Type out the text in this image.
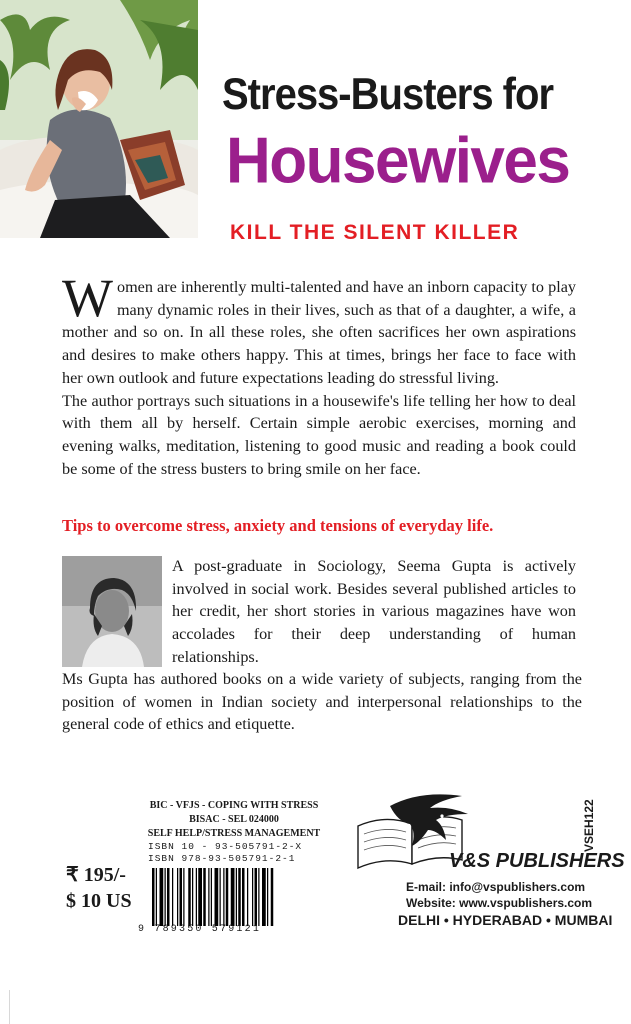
Stress-Busters for
Housewives
KILL THE SILENT KILLER

Women are inherently multi-talented and have an inborn capacity to play many dynamic roles in their lives, such as that of a daughter, a wife, a mother and so on. In all these roles, she often sacrifices her own aspirations and desires to make others happy. This at times, brings her face to face with her own outlook and future expectations leading do stressful living.

The author portrays such situations in a housewife's life telling her how to deal with them all by herself. Certain simple aerobic exercises, morning and evening walks, meditation, listening to good music and reading a book could be some of the stress busters to bring smile on her face.

Tips to overcome stress, anxiety and tensions of everyday life.
A post-graduate in Sociology, Seema Gupta is actively involved in social work. Besides several published articles to her credit, her short stories in various magazines have won accolades for their deep understanding of human relationships.
Ms Gupta has authored books on a wide variety of subjects, ranging from the position of women in Indian society and interpersonal relationships to the general code of ethics and etiquette.
BIC - VFJS - COPING WITH STRESS
BISAC - SEL 024000
SELF HELP/STRESS MANAGEMENT
ISBN 10 - 93-505791-2-X
ISBN 978-93-505791-2-1
₹ 195/-
$ 10 US
9 789350 579121
VSEH122
V&S PUBLISHERS
E-mail: info@vspublishers.com
Website: www.vspublishers.com
DELHI • HYDERABAD • MUMBAI
